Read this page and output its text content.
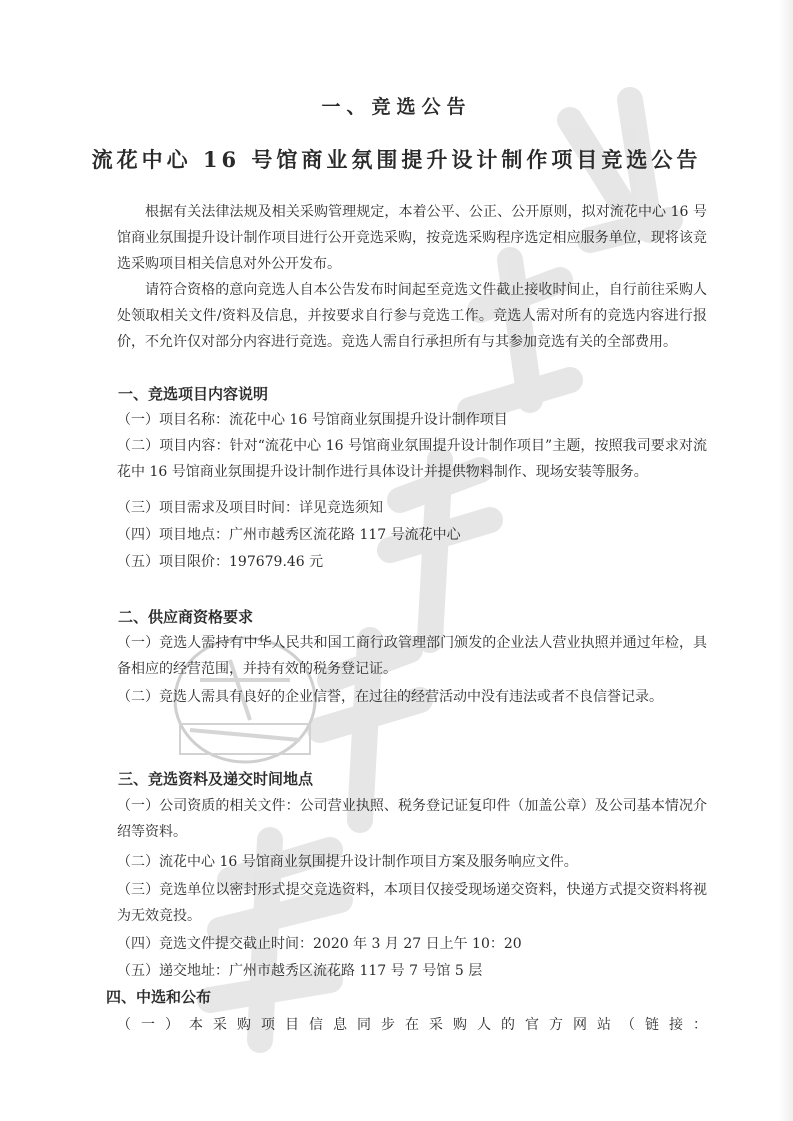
一、竞选公告
流花中心 16 号馆商业氛围提升设计制作项目竞选公告

根据有关法律法规及相关采购管理规定，本着公平、公正、公开原则，拟对流花中心 16 号馆商业氛围提升设计制作项目进行公开竞选采购，按竞选采购程序选定相应服务单位，现将该竞选采购项目相关信息对外公开发布。

请符合资格的意向竞选人自本公告发布时间起至竞选文件截止接收时间止，自行前往采购人处领取相关文件/资料及信息，并按要求自行参与竞选工作。竞选人需对所有的竞选内容进行报价，不允许仅对部分内容进行竞选。竞选人需自行承担所有与其参加竞选有关的全部费用。

一、竞选项目内容说明
（一）项目名称：流花中心 16 号馆商业氛围提升设计制作项目

（二）项目内容：针对“流花中心 16 号馆商业氛围提升设计制作项目”主题，按照我司要求对流花中 16 号馆商业氛围提升设计制作进行具体设计并提供物料制作、现场安装等服务。

（三）项目需求及项目时间：详见竞选须知
（四）项目地点：广州市越秀区流花路 117 号流花中心
（五）项目限价：197679.46 元
二、供应商资格要求

（一）竞选人需持有中华人民共和国工商行政管理部门颁发的企业法人营业执照并通过年检，具备相应的经营范围，并持有效的税务登记证。

（二）竞选人需具有良好的企业信誉，在过往的经营活动中没有违法或者不良信誉记录。

三、竞选资料及递交时间地点

（一）公司资质的相关文件：公司营业执照、税务登记证复印件（加盖公章）及公司基本情况介绍等资料。

（二）流花中心 16 号馆商业氛围提升设计制作项目方案及服务响应文件。

（三）竞选单位以密封形式提交竞选资料，本项目仅接受现场递交资料，快递方式提交资料将视为无效竞投。

（四）竞选文件提交截止时间：2020 年 3 月 27 日上午 10：20
（五）递交地址：广州市越秀区流花路 117 号 7 号馆 5 层
四、中选和公布
（一）本采购项目信息同步在采购人的官方网站（链接：
